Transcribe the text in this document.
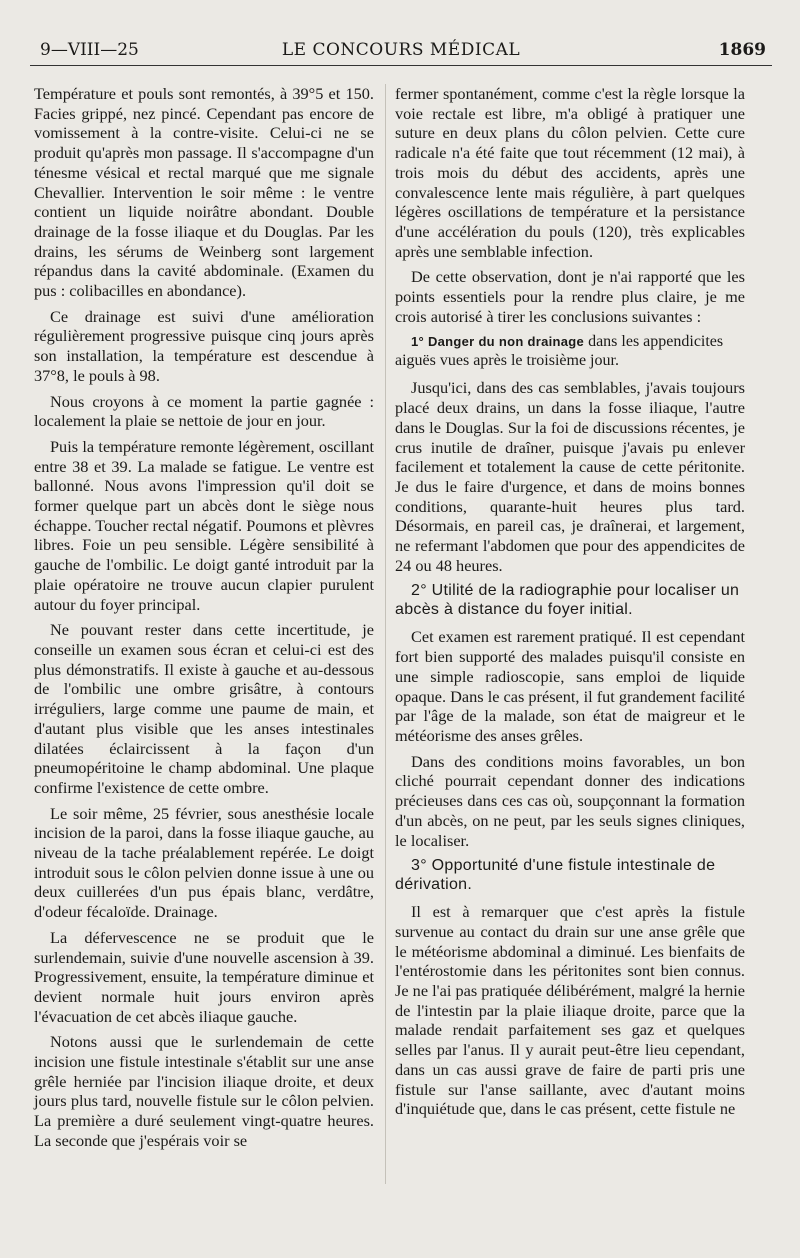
9—VIII—25	LE CONCOURS MÉDICAL	1869

Température et pouls sont remontés, à 39°5 et 150. Facies grippé, nez pincé. Cependant pas encore de vomissement à la contre-visite. Celui-ci ne se produit qu'après mon passage. Il s'accompagne d'un ténesme vésical et rectal marqué que me signale Chevallier. Intervention le soir même : le ventre contient un liquide noirâtre abondant. Double drainage de la fosse iliaque et du Douglas. Par les drains, les sérums de Weinberg sont largement répandus dans la cavité abdominale. (Examen du pus : colibacilles en abondance).

Ce drainage est suivi d'une amélioration régulièrement progressive puisque cinq jours après son installation, la température est descendue à 37°8, le pouls à 98.

Nous croyons à ce moment la partie gagnée : localement la plaie se nettoie de jour en jour.

Puis la température remonte légèrement, oscillant entre 38 et 39. La malade se fatigue. Le ventre est ballonné. Nous avons l'impression qu'il doit se former quelque part un abcès dont le siège nous échappe. Toucher rectal négatif. Poumons et plèvres libres. Foie un peu sensible. Légère sensibilité à gauche de l'ombilic. Le doigt ganté introduit par la plaie opératoire ne trouve aucun clapier purulent autour du foyer principal.

Ne pouvant rester dans cette incertitude, je conseille un examen sous écran et celui-ci est des plus démonstratifs. Il existe à gauche et au-dessous de l'ombilic une ombre grisâtre, à contours irréguliers, large comme une paume de main, et d'autant plus visible que les anses intestinales dilatées éclaircissent à la façon d'un pneumopéritoine le champ abdominal. Une plaque confirme l'existence de cette ombre.

Le soir même, 25 février, sous anesthésie locale incision de la paroi, dans la fosse iliaque gauche, au niveau de la tache préalablement repérée. Le doigt introduit sous le côlon pelvien donne issue à une ou deux cuillerées d'un pus épais blanc, verdâtre, d'odeur fécaloïde. Drainage.

La défervescence ne se produit que le surlendemain, suivie d'une nouvelle ascension à 39. Progressivement, ensuite, la température diminue et devient normale huit jours environ après l'évacuation de cet abcès iliaque gauche.

Notons aussi que le surlendemain de cette incision une fistule intestinale s'établit sur une anse grêle herniée par l'incision iliaque droite, et deux jours plus tard, nouvelle fistule sur le côlon pelvien. La première a duré seulement vingt-quatre heures. La seconde que j'espérais voir se

fermer spontanément, comme c'est la règle lorsque la voie rectale est libre, m'a obligé à pratiquer une suture en deux plans du côlon pelvien. Cette cure radicale n'a été faite que tout récemment (12 mai), à trois mois du début des accidents, après une convalescence lente mais régulière, à part quelques légères oscillations de température et la persistance d'une accélération du pouls (120), très explicables après une semblable infection.

De cette observation, dont je n'ai rapporté que les points essentiels pour la rendre plus claire, je me crois autorisé à tirer les conclusions suivantes :

1° Danger du non drainage dans les appendicites aiguës vues après le troisième jour.

Jusqu'ici, dans des cas semblables, j'avais toujours placé deux drains, un dans la fosse iliaque, l'autre dans le Douglas. Sur la foi de discussions récentes, je crus inutile de draîner, puisque j'avais pu enlever facilement et totalement la cause de cette péritonite. Je dus le faire d'urgence, et dans de moins bonnes conditions, quarante-huit heures plus tard. Désormais, en pareil cas, je draînerai, et largement, ne refermant l'abdomen que pour des appendicites de 24 ou 48 heures.

2° Utilité de la radiographie pour localiser un abcès à distance du foyer initial.

Cet examen est rarement pratiqué. Il est cependant fort bien supporté des malades puisqu'il consiste en une simple radioscopie, sans emploi de liquide opaque. Dans le cas présent, il fut grandement facilité par l'âge de la malade, son état de maigreur et le météorisme des anses grêles.

Dans des conditions moins favorables, un bon cliché pourrait cependant donner des indications précieuses dans ces cas où, soupçonnant la formation d'un abcès, on ne peut, par les seuls signes cliniques, le localiser.

3° Opportunité d'une fistule intestinale de dérivation.

Il est à remarquer que c'est après la fistule survenue au contact du drain sur une anse grêle que le météorisme abdominal a diminué. Les bienfaits de l'entérostomie dans les péritonites sont bien connus. Je ne l'ai pas pratiquée délibérément, malgré la hernie de l'intestin par la plaie iliaque droite, parce que la malade rendait parfaitement ses gaz et quelques selles par l'anus. Il y aurait peut-être lieu cependant, dans un cas aussi grave de faire de parti pris une fistule sur l'anse saillante, avec d'autant moins d'inquiétude que, dans le cas présent, cette fistule ne
